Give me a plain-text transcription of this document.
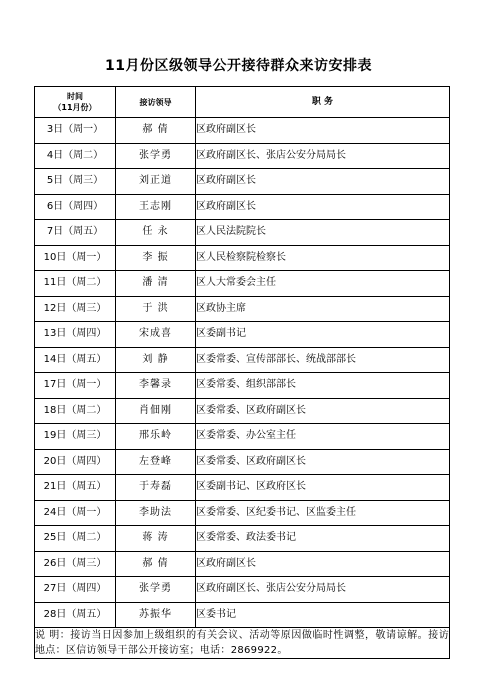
11月份区级领导公开接待群众来访安排表
时间
（11月份）	接访领导	职 务
3日（周一）	郝 倩	区政府副区长
4日（周二）	张学勇	区政府副区长、张店公安分局局长
5日（周三）	刘正道	区政府副区长
6日（周四）	王志刚	区政府副区长
7日（周五）	任 永	区人民法院院长
10日（周一）	李 振	区人民检察院检察长
11日（周二）	潘 清	区人大常委会主任
12日（周三）	于 洪	区政协主席
13日（周四）	宋成喜	区委副书记
14日（周五）	刘 静	区委常委、宣传部部长、统战部部长
17日（周一）	李馨录	区委常委、组织部部长
18日（周二）	肖佃刚	区委常委、区政府副区长
19日（周三）	邢乐岭	区委常委、办公室主任
20日（周四）	左登峰	区委常委、区政府副区长
21日（周五）	于寿磊	区委副书记、区政府区长
24日（周一）	李助法	区委常委、区纪委书记、区监委主任
25日（周二）	蒋 涛	区委常委、政法委书记
26日（周三）	郝 倩	区政府副区长
27日（周四）	张学勇	区政府副区长、张店公安分局局长
28日（周五）	苏振华	区委书记
说 明：接访当日因参加上级组织的有关会议、活动等原因做临时性调整，敬请谅解。接访地点：区信访领导干部公开接访室；电话：2869922。		
